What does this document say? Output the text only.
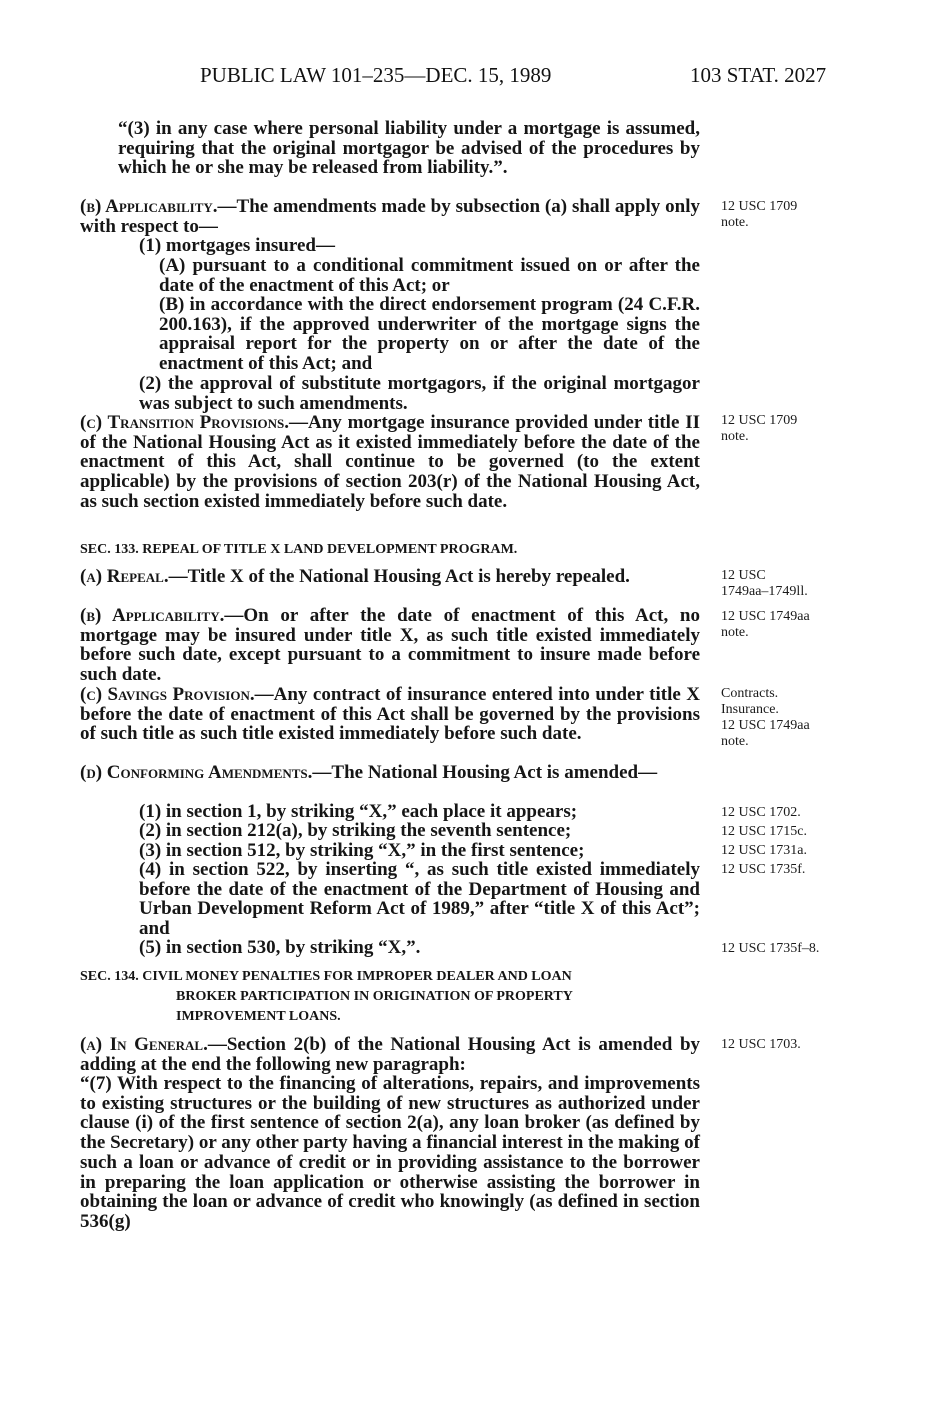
PUBLIC LAW 101–235—DEC. 15, 1989	103 STAT. 2027

“(3) in any case where personal liability under a mortgage is assumed, requiring that the original mortgagor be advised of the procedures by which he or she may be released from liability.”.

(b) Applicability.—The amendments made by subsection (a) shall apply only with respect to—

(1) mortgages insured—

(A) pursuant to a conditional commitment issued on or after the date of the enactment of this Act; or

(B) in accordance with the direct endorsement program (24 C.F.R. 200.163), if the approved underwriter of the mortgage signs the appraisal report for the property on or after the date of the enactment of this Act; and

(2) the approval of substitute mortgagors, if the original mortgagor was subject to such amendments.

(c) Transition Provisions.—Any mortgage insurance provided under title II of the National Housing Act as it existed immediately before the date of the enactment of this Act, shall continue to be governed (to the extent applicable) by the provisions of section 203(r) of the National Housing Act, as such section existed immediately before such date.

SEC. 133. REPEAL OF TITLE X LAND DEVELOPMENT PROGRAM.

(a) Repeal.—Title X of the National Housing Act is hereby repealed.

(b) Applicability.—On or after the date of enactment of this Act, no mortgage may be insured under title X, as such title existed immediately before such date, except pursuant to a commitment to insure made before such date.

(c) Savings Provision.—Any contract of insurance entered into under title X before the date of enactment of this Act shall be governed by the provisions of such title as such title existed immediately before such date.

(d) Conforming Amendments.—The National Housing Act is amended—

(1) in section 1, by striking “X,” each place it appears;

(2) in section 212(a), by striking the seventh sentence;

(3) in section 512, by striking “X,” in the first sentence;

(4) in section 522, by inserting “, as such title existed immediately before the date of the enactment of the Department of Housing and Urban Development Reform Act of 1989,” after “title X of this Act”; and

(5) in section 530, by striking “X,”.

SEC. 134. CIVIL MONEY PENALTIES FOR IMPROPER DEALER AND LOAN
BROKER PARTICIPATION IN ORIGINATION OF PROPERTY
IMPROVEMENT LOANS.

(a) In General.—Section 2(b) of the National Housing Act is amended by adding at the end the following new paragraph:

“(7) With respect to the financing of alterations, repairs, and improvements to existing structures or the building of new structures as authorized under clause (i) of the first sentence of section 2(a), any loan broker (as defined by the Secretary) or any other party having a financial interest in the making of such a loan or advance of credit or in providing assistance to the borrower in preparing the loan application or otherwise assisting the borrower in obtaining the loan or advance of credit who knowingly (as defined in section 536(g)

12 USC 1709
note.
12 USC 1709
note.
12 USC
1749aa–1749ll.
12 USC 1749aa
note.
Contracts.
Insurance.
12 USC 1749aa
note.
12 USC 1702.
12 USC 1715c.
12 USC 1731a.
12 USC 1735f.
12 USC 1735f–8.
12 USC 1703.
